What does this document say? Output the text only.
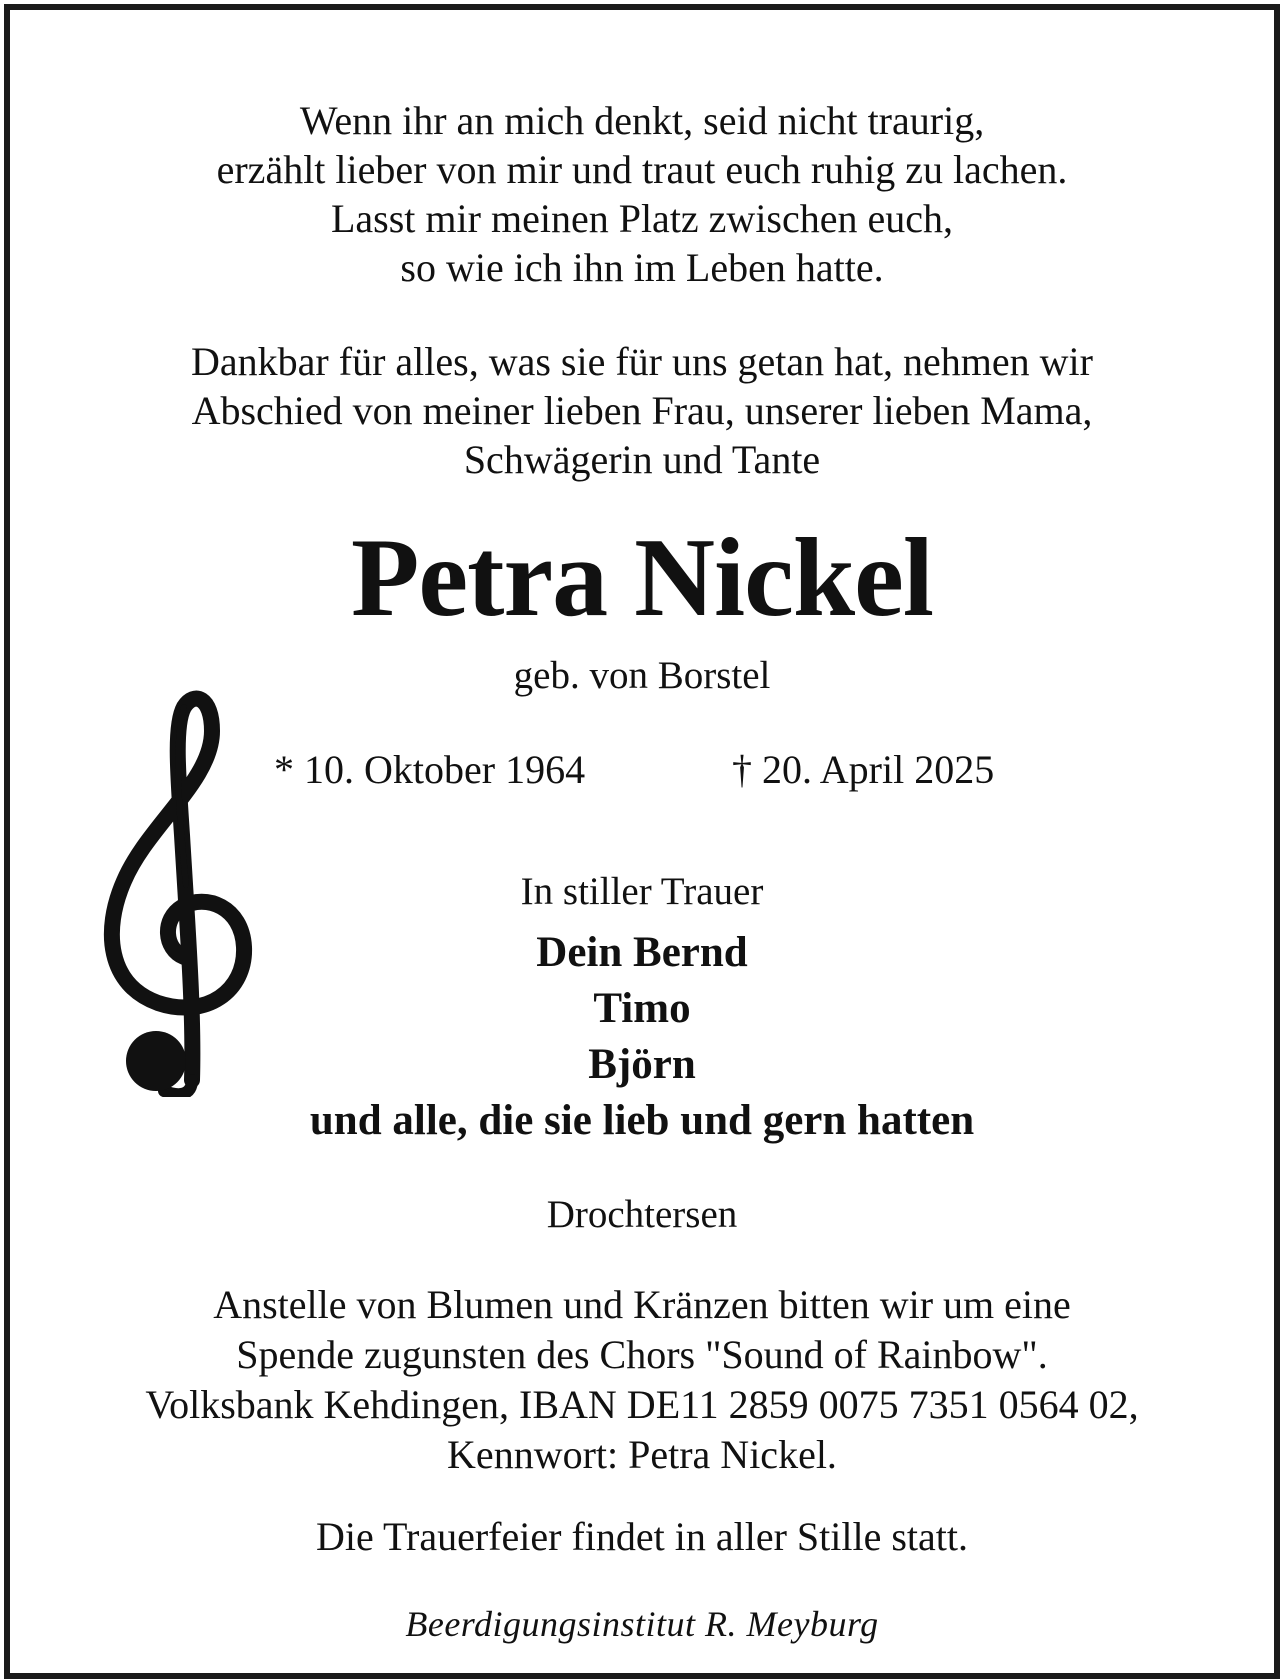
Wenn ihr an mich denkt, seid nicht traurig,
erzählt lieber von mir und traut euch ruhig zu lachen.
Lasst mir meinen Platz zwischen euch,
so wie ich ihn im Leben hatte.
Dankbar für alles, was sie für uns getan hat, nehmen wir
Abschied von meiner lieben Frau, unserer lieben Mama,
Schwägerin und Tante
Petra Nickel
geb. von Borstel
* 10. Oktober 1964	† 20. April 2025
In stiller Trauer
Dein Bernd
Timo
Björn
und alle, die sie lieb und gern hatten
Drochtersen
Anstelle von Blumen und Kränzen bitten wir um eine
Spende zugunsten des Chors "Sound of Rainbow".
Volksbank Kehdingen, IBAN DE11 2859 0075 7351 0564 02,
Kennwort: Petra Nickel.
Die Trauerfeier findet in aller Stille statt.
Beerdigungsinstitut R. Meyburg
